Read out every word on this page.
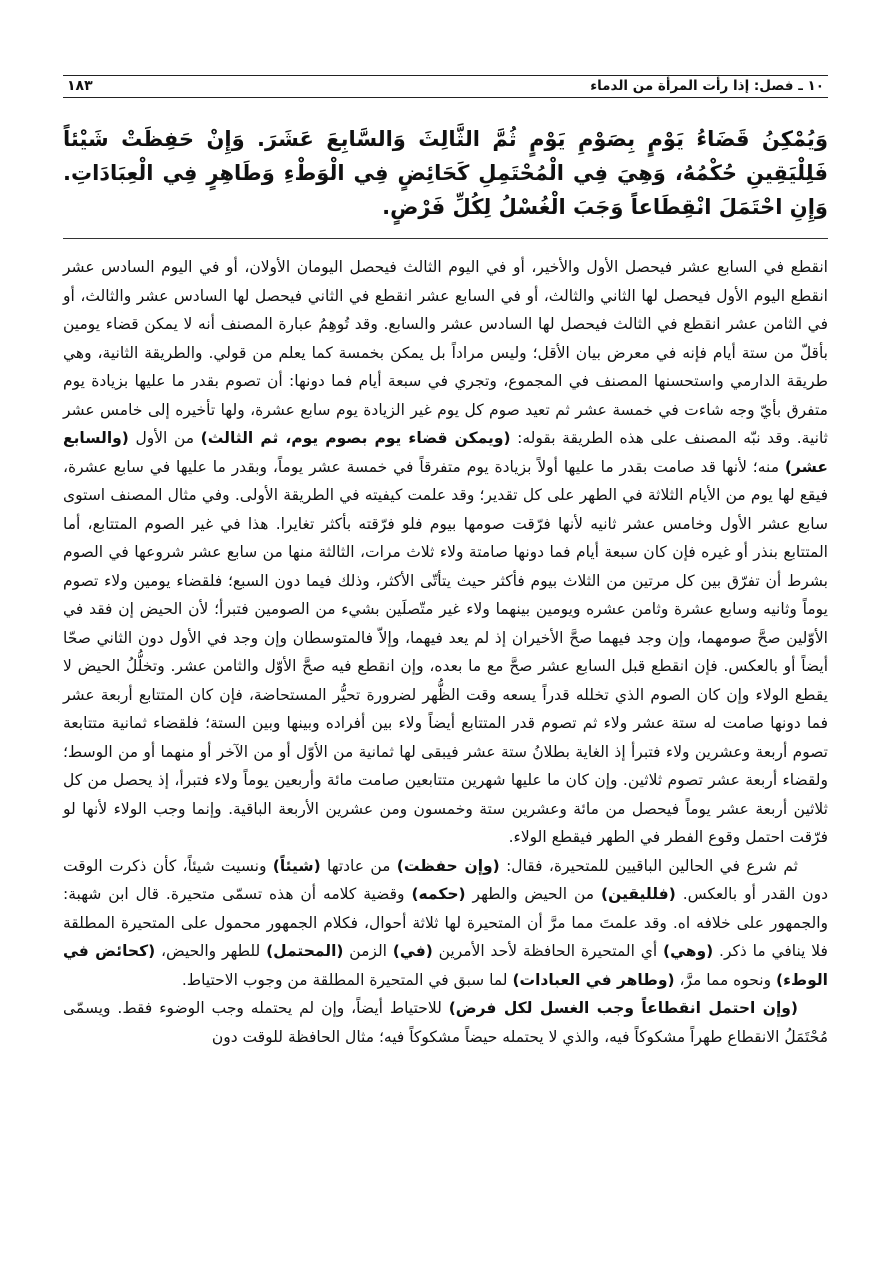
١٠ ـ فصل: إذا رأت المرأة من الدماء
١٨٣
وَيُمْكِنُ قَضَاءُ يَوْمٍ بِصَوْمِ يَوْمٍ ثُمَّ الثَّالِثَ وَالسَّابِعَ عَشَرَ. وَإِنْ حَفِظَتْ شَيْئاً فَلِلْيَقِينِ حُكْمُهُ، وَهِيَ فِي الْمُحْتَمِلِ كَحَائِضٍ فِي الْوَطْءِ وَطَاهِرٍ فِي الْعِبَادَاتِ. وَإِنِ احْتَمَلَ انْقِطَاعاً وَجَبَ الْغُسْلُ لِكُلِّ فَرْضٍ.

انقطع في السابع عشر فيحصل الأول والأخير، أو في اليوم الثالث فيحصل اليومان الأولان، أو في اليوم السادس عشر انقطع اليوم الأول فيحصل لها الثاني والثالث، أو في السابع عشر انقطع في الثاني فيحصل لها السادس عشر والثالث، أو في الثامن عشر انقطع في الثالث فيحصل لها السادس عشر والسابع. وقد تُوهِمُ عبارة المصنف أنه لا يمكن قضاء يومين بأقلّ من ستة أيام فإنه في معرض بيان الأقل؛ وليس مراداً بل يمكن بخمسة كما يعلم من قولي. والطريقة الثانية، وهي طريقة الدارمي واستحسنها المصنف في المجموع، وتجري في سبعة أيام فما دونها: أن تصوم بقدر ما عليها بزيادة يوم متفرق بأيّ وجه شاءت في خمسة عشر ثم تعيد صوم كل يوم غير الزيادة يوم سابع عشرة، ولها تأخيره إلى خامس عشر ثانية. وقد نبّه المصنف على هذه الطريقة بقوله: (ويمكن قضاء يوم بصوم يوم، ثم الثالث) من الأول (والسابع عشر) منه؛ لأنها قد صامت بقدر ما عليها أولاً بزيادة يوم متفرقاً في خمسة عشر يوماً، وبقدر ما عليها في سابع عشرة، فيقع لها يوم من الأيام الثلاثة في الطهر على كل تقدير؛ وقد علمت كيفيته في الطريقة الأولى. وفي مثال المصنف استوى سابع عشر الأول وخامس عشر ثانيه لأنها فرّقت صومها بيوم فلو فرّقته بأكثر تغايرا. هذا في غير الصوم المتتابع، أما المتتابع بنذر أو غيره فإن كان سبعة أيام فما دونها صامتة ولاء ثلاث مرات، الثالثة منها من سابع عشر شروعها في الصوم بشرط أن تفرّق بين كل مرتين من الثلاث بيوم فأكثر حيث يتأتّى الأكثر، وذلك فيما دون السبع؛ فلقضاء يومين ولاء تصوم يوماً وثانيه وسابع عشرة وثامن عشره ويومين بينهما ولاء غير متّصلَين بشيء من الصومين فتبرأ؛ لأن الحيض إن فقد في الأوّلين صحَّ صومهما، وإن وجد فيهما صحَّ الأخيران إذ لم يعد فيهما، وإلاّ فالمتوسطان وإن وجد في الأول دون الثاني صحّا أيضاً أو بالعكس. فإن انقطع قبل السابع عشر صحَّ مع ما بعده، وإن انقطع فيه صحَّ الأوّل والثامن عشر. وتخلُّلُ الحيض لا يقطع الولاء وإن كان الصوم الذي تخلله قدراً يسعه وقت الظُّهر لضرورة تحيُّر المستحاضة، فإن كان المتتابع أربعة عشر فما دونها صامت له ستة عشر ولاء ثم تصوم قدر المتتابع أيضاً ولاء بين أفراده وبينها وبين الستة؛ فلقضاء ثمانية متتابعة تصوم أربعة وعشرين ولاء فتبرأ إذ الغاية بطلانُ ستة عشر فيبقى لها ثمانية من الأوّل أو من الآخر أو منهما أو من الوسط؛ ولقضاء أربعة عشر تصوم ثلاثين. وإن كان ما عليها شهرين متتابعين صامت مائة وأربعين يوماً ولاء فتبرأ، إذ يحصل من كل ثلاثين أربعة عشر يوماً فيحصل من مائة وعشرين ستة وخمسون ومن عشرين الأربعة الباقية. وإنما وجب الولاء لأنها لو فرّقت احتمل وقوع الفطر في الطهر فيقطع الولاء.

ثم شرع في الحالين الباقيين للمتحيرة، فقال: (وإن حفظت) من عادتها (شيئاً) ونسيت شيئاً، كأن ذكرت الوقت دون القدر أو بالعكس. (فلليقين) من الحيض والطهر (حكمه) وقضية كلامه أن هذه تسمّى متحيرة. قال ابن شهبة: والجمهور على خلافه اه. وقد علمتَ مما مرَّ أن المتحيرة لها ثلاثة أحوال، فكلام الجمهور محمول على المتحيرة المطلقة فلا ينافي ما ذكر. (وهي) أي المتحيرة الحافظة لأحد الأمرين (في) الزمن (المحتمل) للطهر والحيض، (كحائض في الوطء) ونحوه مما مرَّ، (وطاهر في العبادات) لما سبق في المتحيرة المطلقة من وجوب الاحتياط.

(وإن احتمل انقطاعاً وجب الغسل لكل فرض) للاحتياط أيضاً، وإن لم يحتمله وجب الوضوء فقط. ويسمّى مُحْتَمَلُ الانقطاع طهراً مشكوكاً فيه، والذي لا يحتمله حيضاً مشكوكاً فيه؛ مثال الحافظة للوقت دون
